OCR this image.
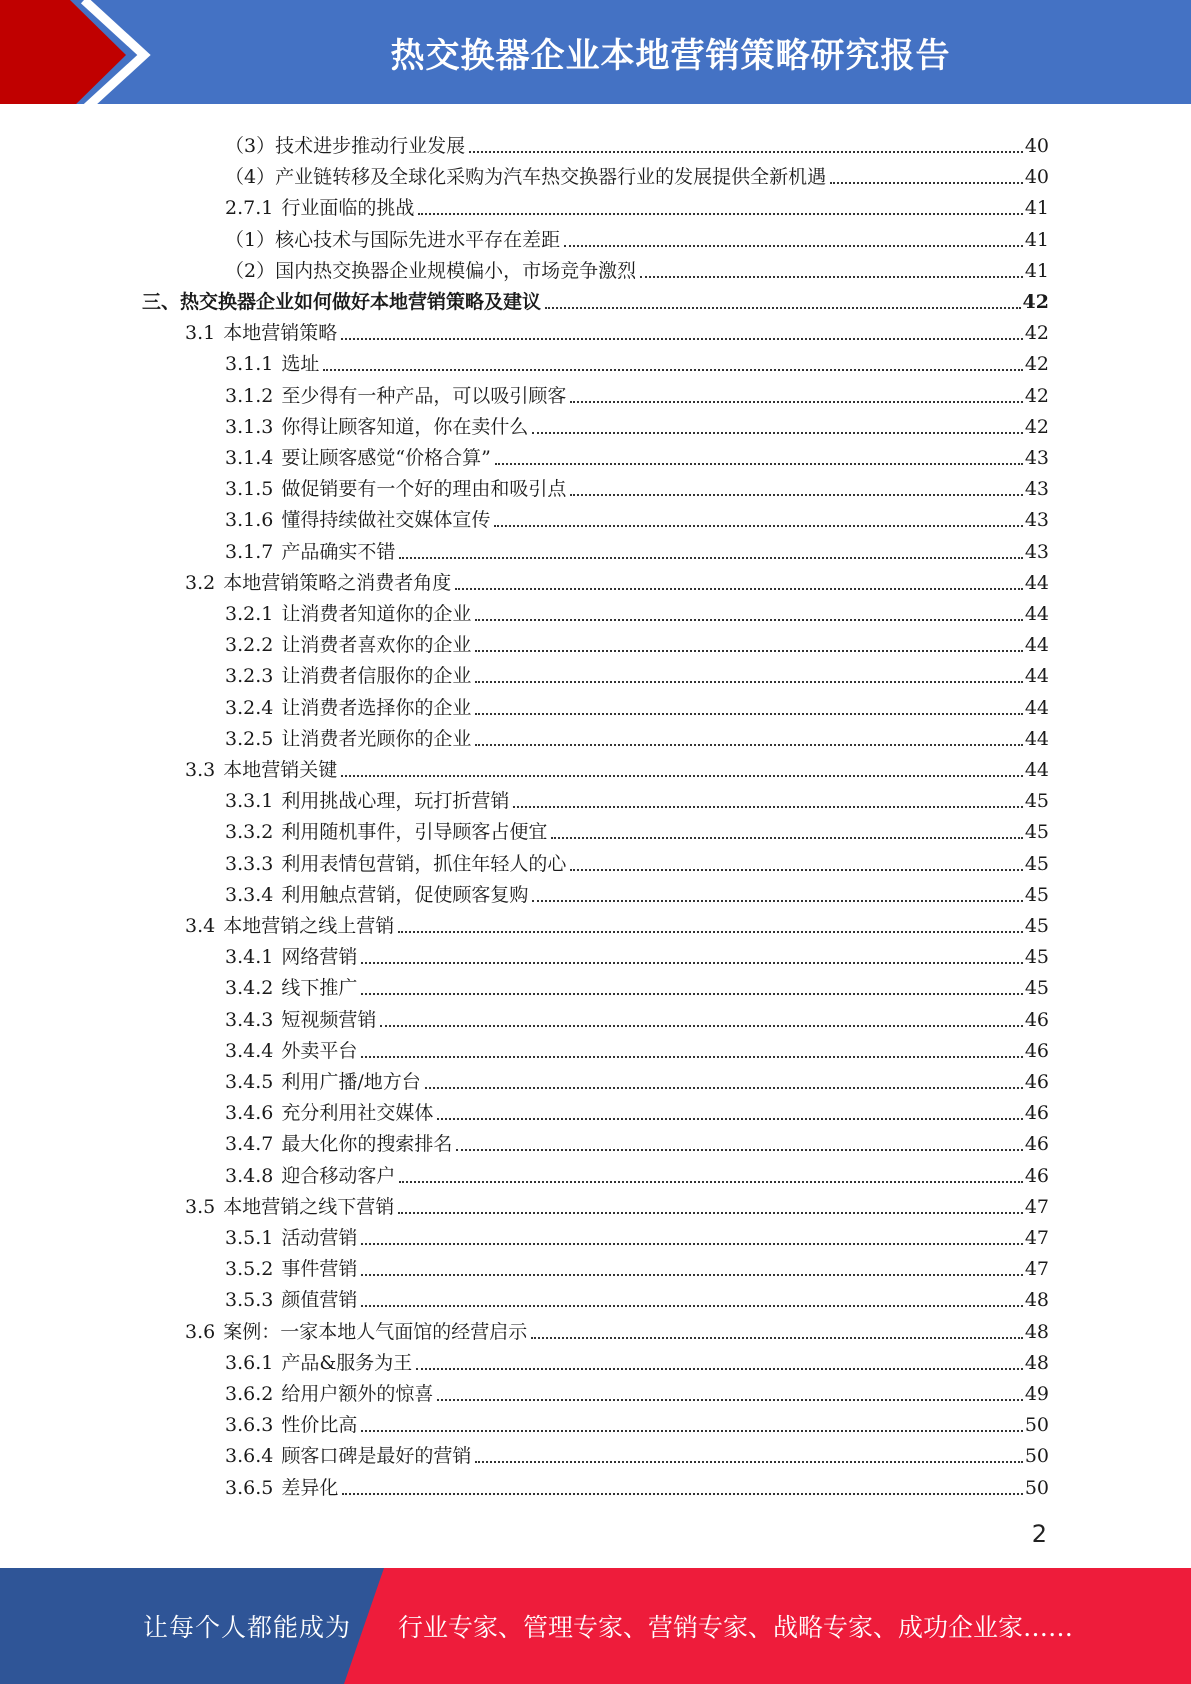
热交换器企业本地营销策略研究报告
（3）技术进步推动行业发展	40
（4）产业链转移及全球化采购为汽车热交换器行业的发展提供全新机遇	40
2.7.1 行业面临的挑战	41
（1）核心技术与国际先进水平存在差距	41
（2）国内热交换器企业规模偏小，市场竞争激烈	41
三、热交换器企业如何做好本地营销策略及建议	42
3.1 本地营销策略	42
3.1.1 选址	42
3.1.2 至少得有一种产品，可以吸引顾客	42
3.1.3 你得让顾客知道，你在卖什么	42
3.1.4 要让顾客感觉“价格合算”	43
3.1.5 做促销要有一个好的理由和吸引点	43
3.1.6 懂得持续做社交媒体宣传	43
3.1.7 产品确实不错	43
3.2 本地营销策略之消费者角度	44
3.2.1 让消费者知道你的企业	44
3.2.2 让消费者喜欢你的企业	44
3.2.3 让消费者信服你的企业	44
3.2.4 让消费者选择你的企业	44
3.2.5 让消费者光顾你的企业	44
3.3 本地营销关键	44
3.3.1 利用挑战心理，玩打折营销	45
3.3.2 利用随机事件，引导顾客占便宜	45
3.3.3 利用表情包营销，抓住年轻人的心	45
3.3.4 利用触点营销，促使顾客复购	45
3.4 本地营销之线上营销	45
3.4.1 网络营销	45
3.4.2 线下推广	45
3.4.3 短视频营销	46
3.4.4 外卖平台	46
3.4.5 利用广播/地方台	46
3.4.6 充分利用社交媒体	46
3.4.7 最大化你的搜索排名	46
3.4.8 迎合移动客户	46
3.5 本地营销之线下营销	47
3.5.1 活动营销	47
3.5.2 事件营销	47
3.5.3 颜值营销	48
3.6 案例：一家本地人气面馆的经营启示	48
3.6.1 产品&服务为王	48
3.6.2 给用户额外的惊喜	49
3.6.3 性价比高	50
3.6.4 顾客口碑是最好的营销	50
3.6.5 差异化	50
2
让每个人都能成为 行业专家、管理专家、营销专家、战略专家、成功企业家……
